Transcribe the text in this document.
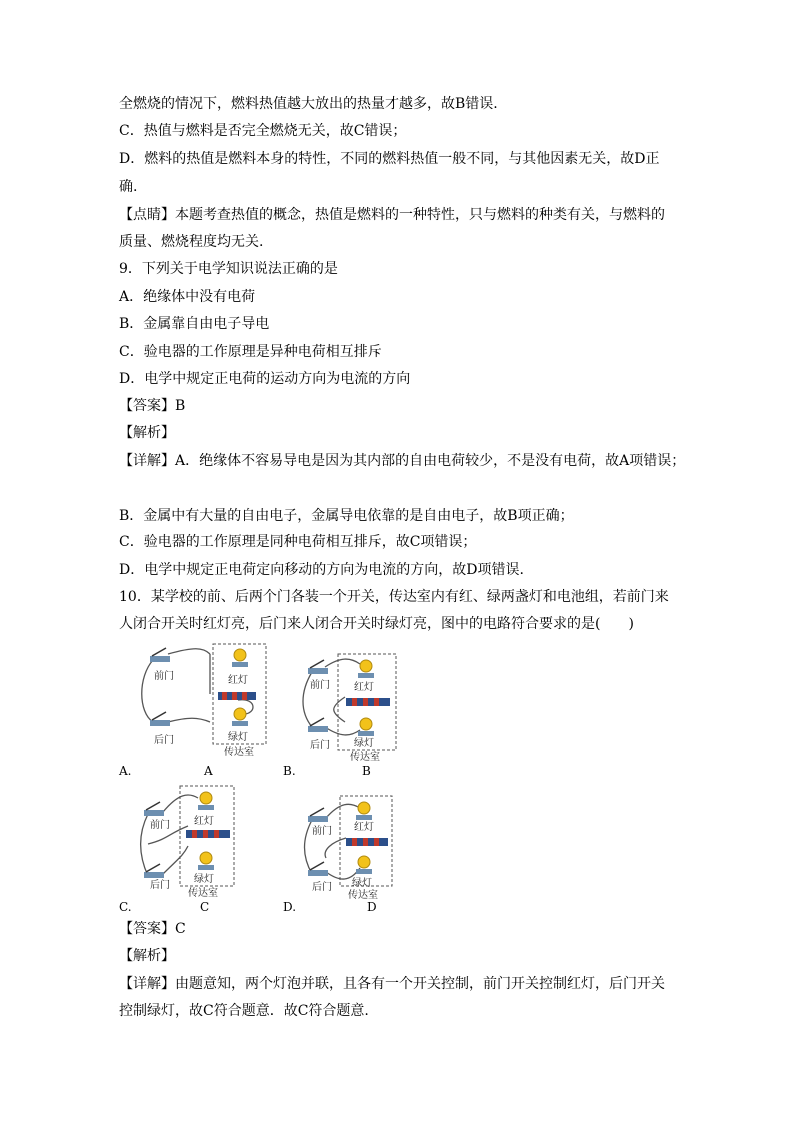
全燃烧的情况下，燃料热值越大放出的热量才越多，故B错误.
C．热值与燃料是否完全燃烧无关，故C错误；
D．燃料的热值是燃料本身的特性，不同的燃料热值一般不同，与其他因素无关，故D正
确.
【点睛】本题考查热值的概念，热值是燃料的一种特性，只与燃料的种类有关，与燃料的
质量、燃烧程度均无关.
9．下列关于电学知识说法正确的是
A．绝缘体中没有电荷
B．金属靠自由电子导电
C．验电器的工作原理是异种电荷相互排斥
D．电学中规定正电荷的运动方向为电流的方向
【答案】B
【解析】
【详解】A．绝缘体不容易导电是因为其内部的自由电荷较少，不是没有电荷，故A项错误；
B．金属中有大量的自由电子，金属导电依靠的是自由电子，故B项正确；
C．验电器的工作原理是同种电荷相互排斥，故C项错误；
D．电学中规定正电荷定向移动的方向为电流的方向，故D项错误.
10．某学校的前、后两个门各装一个开关，传达室内有红、绿两盏灯和电池组，若前门来
人闭合开关时红灯亮，后门来人闭合开关时绿灯亮，图中的电路符合要求的是(　　)
前门
后门
红灯
绿灯
传达室
A.	A
前门
后门
红灯
绿灯
传达室
B.	B
前门
后门
红灯
绿灯
传达室
C.	C
前门
后门
红灯
绿灯
传达室
D.	D
【答案】C
【解析】
【详解】由题意知，两个灯泡并联，且各有一个开关控制，前门开关控制红灯，后门开关
控制绿灯，故C符合题意．故C符合题意.
